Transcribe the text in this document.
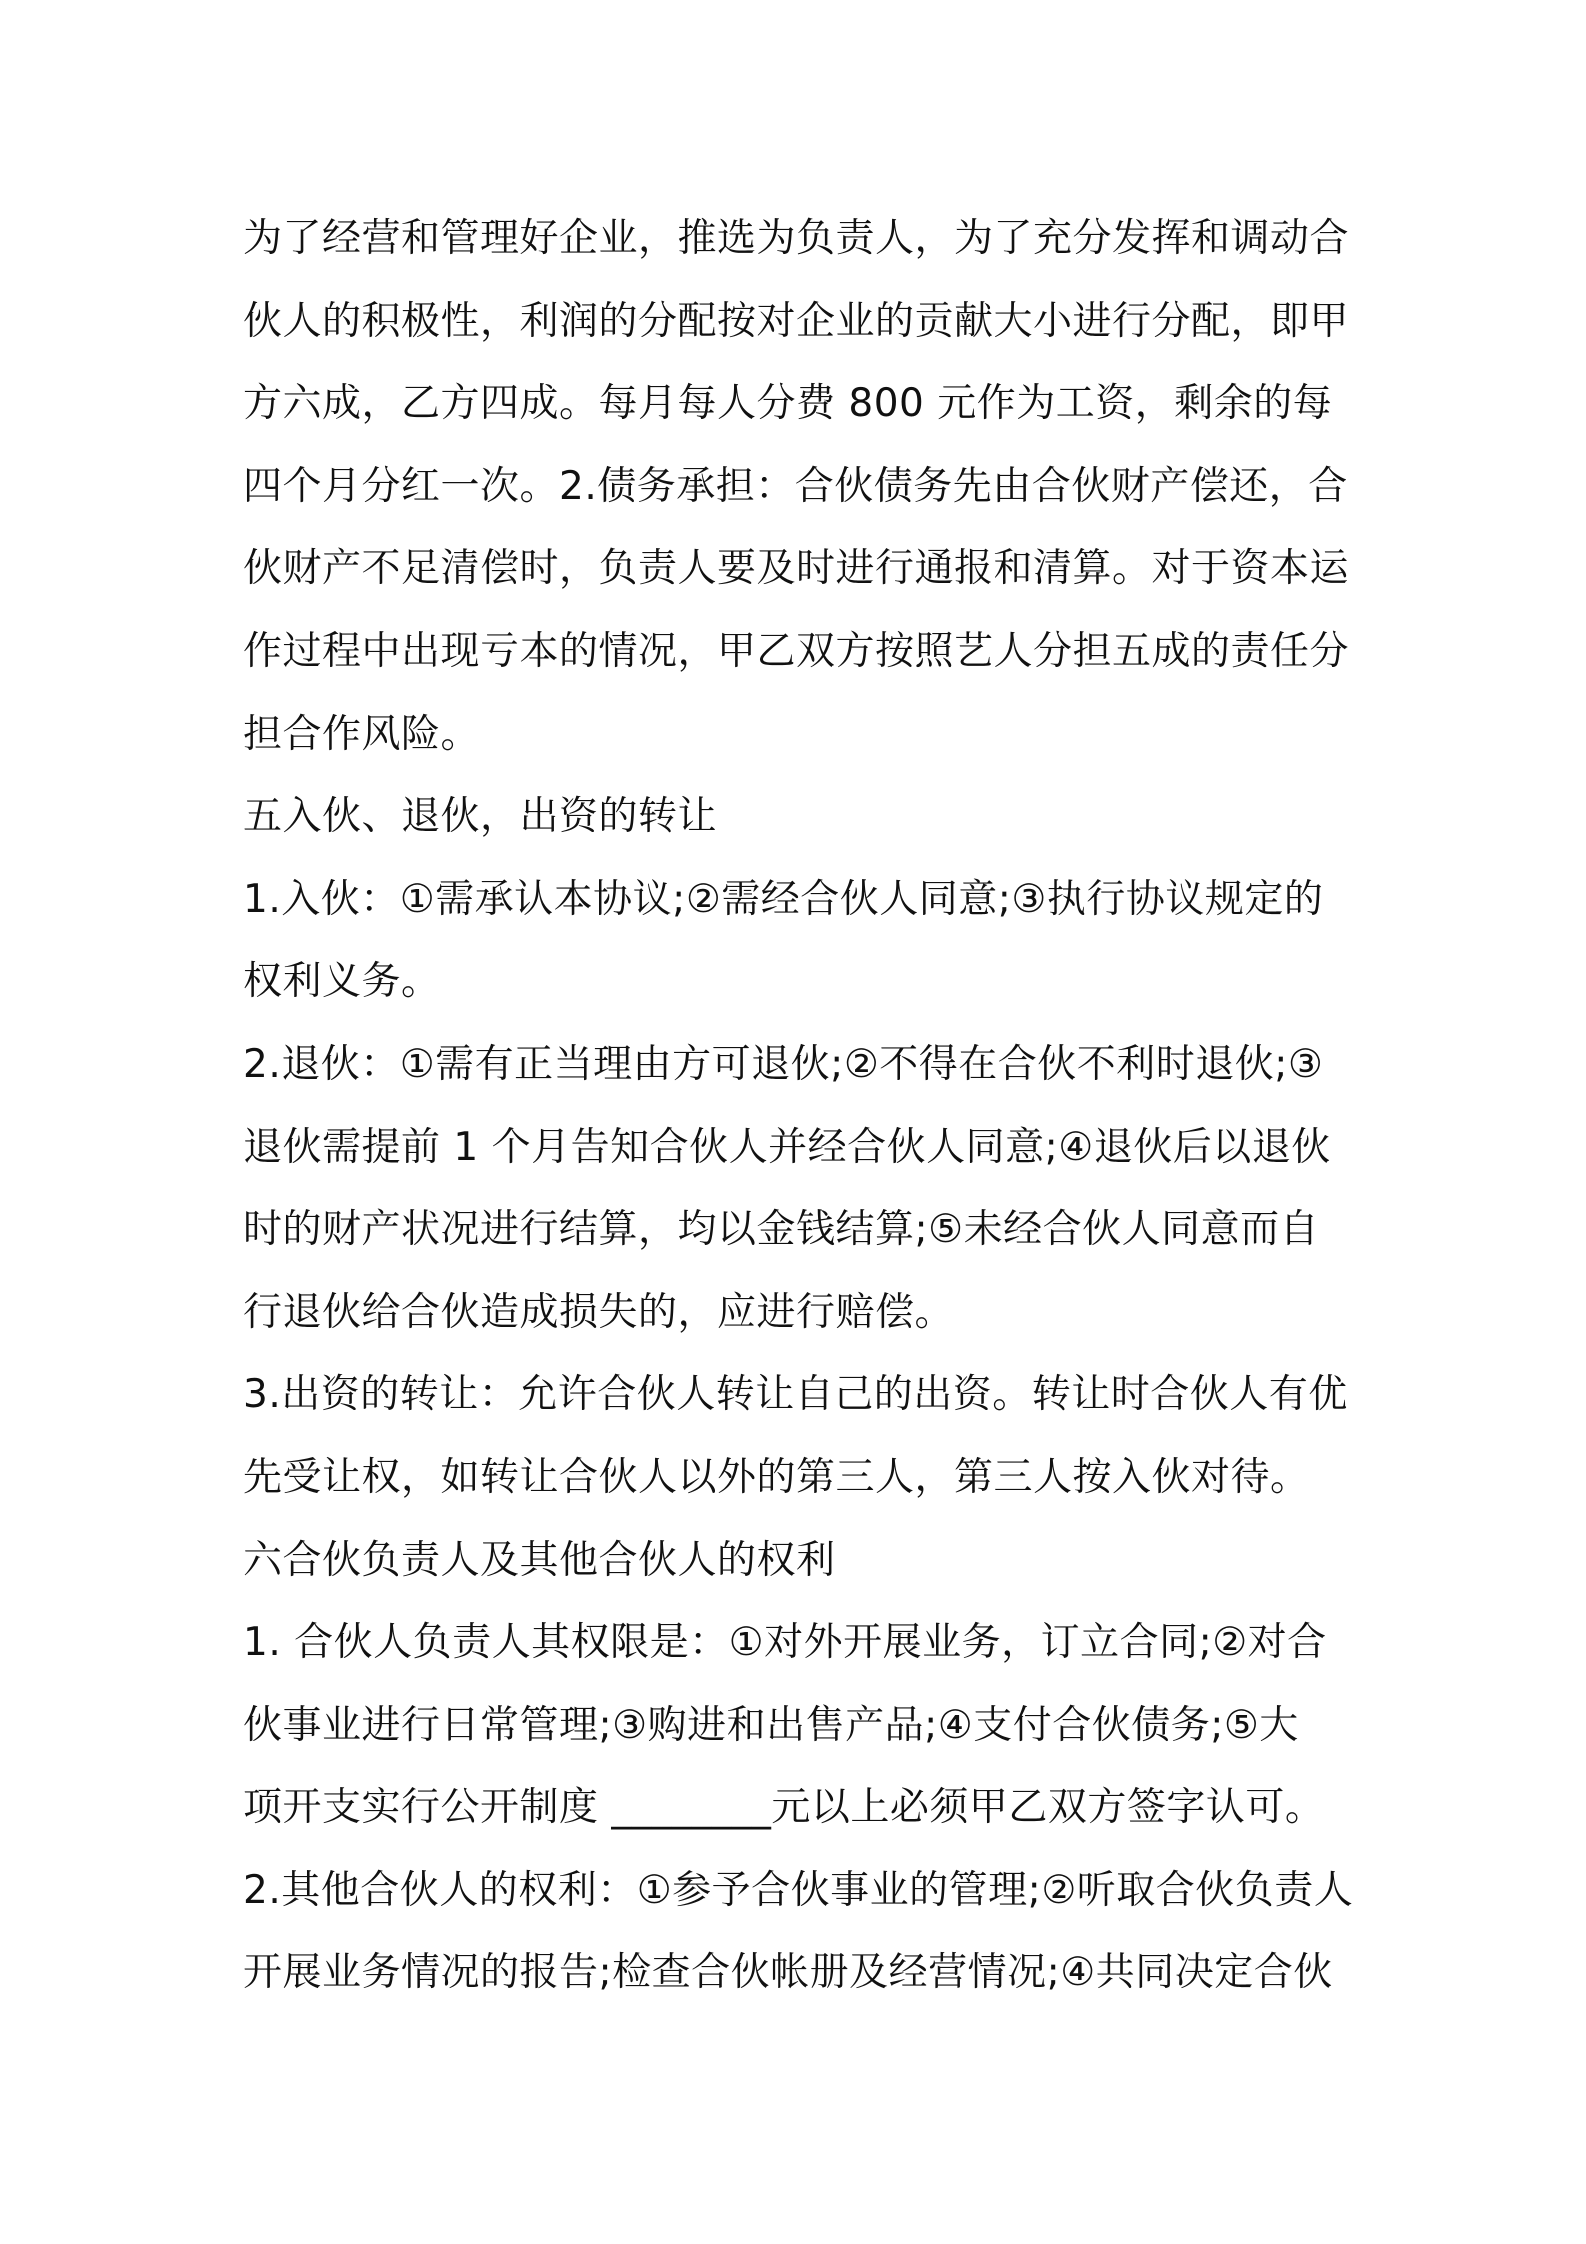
为了经营和管理好企业，推选为负责人，为了充分发挥和调动合
伙人的积极性，利润的分配按对企业的贡献大小进行分配，即甲
方六成，乙方四成。每月每人分费 800 元作为工资，剩余的每
四个月分红一次。2.债务承担：合伙债务先由合伙财产偿还，合
伙财产不足清偿时，负责人要及时进行通报和清算。对于资本运
作过程中出现亏本的情况，甲乙双方按照艺人分担五成的责任分
担合作风险。
五入伙、退伙，出资的转让
1.入伙：①需承认本协议;②需经合伙人同意;③执行协议规定的
权利义务。
2.退伙：①需有正当理由方可退伙;②不得在合伙不利时退伙;③
退伙需提前 1 个月告知合伙人并经合伙人同意;④退伙后以退伙
时的财产状况进行结算，均以金钱结算;⑤未经合伙人同意而自
行退伙给合伙造成损失的，应进行赔偿。
3.出资的转让：允许合伙人转让自己的出资。转让时合伙人有优
先受让权，如转让合伙人以外的第三人，第三人按入伙对待。
六合伙负责人及其他合伙人的权利
1. 合伙人负责人其权限是：①对外开展业务，订立合同;②对合
伙事业进行日常管理;③购进和出售产品;④支付合伙债务;⑤大
项开支实行公开制度 ________元以上必须甲乙双方签字认可。
2.其他合伙人的权利：①参予合伙事业的管理;②听取合伙负责人
开展业务情况的报告;检查合伙帐册及经营情况;④共同决定合伙
